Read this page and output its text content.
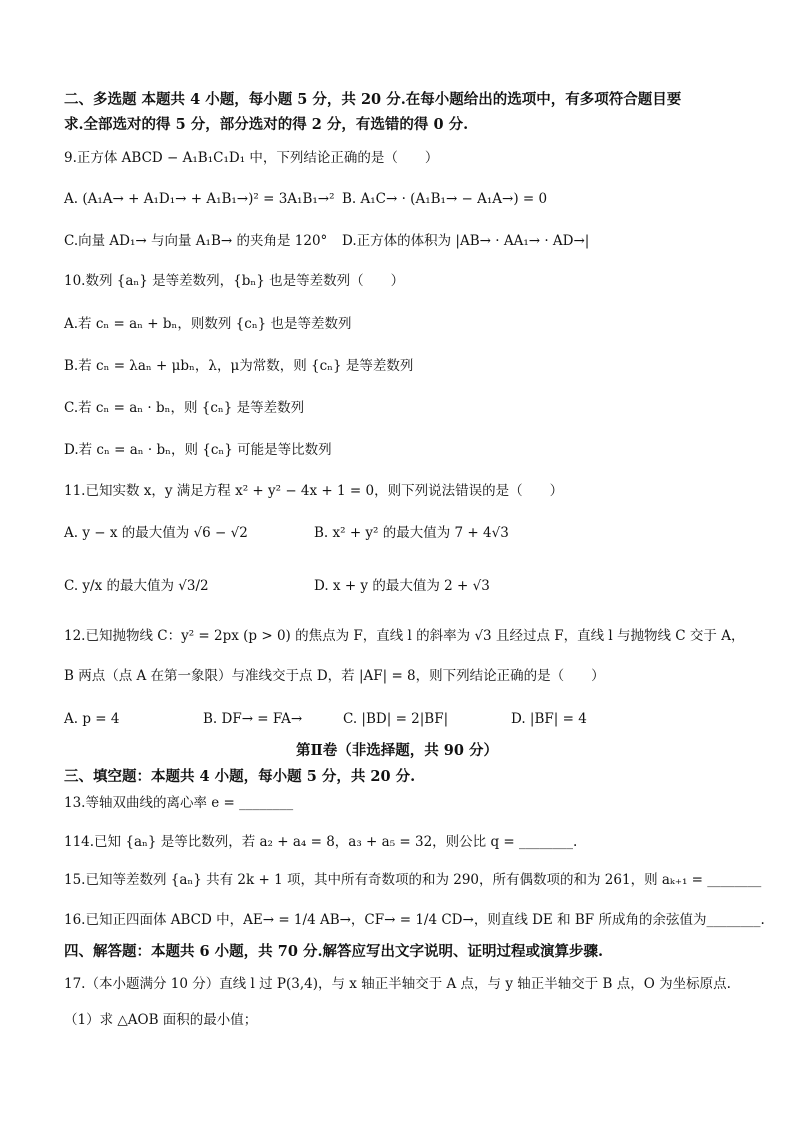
二、多选题 本题共 4 小题，每小题 5 分，共 20 分.在每小题给出的选项中，有多项符合题目要
求.全部选对的得 5 分，部分选对的得 2 分，有选错的得 0 分.
9.正方体 ABCD − A₁B₁C₁D₁ 中，下列结论正确的是（　　）
A. (A₁A→ + A₁D₁→ + A₁B₁→)² = 3A₁B₁→² B. A₁C→ · (A₁B₁→ − A₁A→) = 0
C.向量 AD₁→ 与向量 A₁B→ 的夹角是 120° D.正方体的体积为 |AB→ · AA₁→ · AD→|
10.数列 {aₙ} 是等差数列，{bₙ} 也是等差数列（　　）
A.若 cₙ = aₙ + bₙ，则数列 {cₙ} 也是等差数列
B.若 cₙ = λaₙ + μbₙ，λ，μ为常数，则 {cₙ} 是等差数列
C.若 cₙ = aₙ · bₙ，则 {cₙ} 是等差数列
D.若 cₙ = aₙ · bₙ，则 {cₙ} 可能是等比数列
11.已知实数 x，y 满足方程 x² + y² − 4x + 1 = 0，则下列说法错误的是（　　）
A. y − x 的最大值为 √6 − √2	B. x² + y² 的最大值为 7 + 4√3
C. y/x 的最大值为 √3/2	D. x + y 的最大值为 2 + √3
12.已知抛物线 C：y² = 2px (p > 0) 的焦点为 F，直线 l 的斜率为 √3 且经过点 F，直线 l 与抛物线 C 交于 A，
B 两点（点 A 在第一象限）与准线交于点 D，若 |AF| = 8，则下列结论正确的是（　　）
A. p = 4	B. DF→ = FA→	C. |BD| = 2|BF|	D. |BF| = 4
第Ⅱ卷（非选择题，共 90 分）
三、填空题：本题共 4 小题，每小题 5 分，共 20 分.
13.等轴双曲线的离心率 e = ________
114.已知 {aₙ} 是等比数列，若 a₂ + a₄ = 8，a₃ + a₅ = 32，则公比 q = ________.
15.已知等差数列 {aₙ} 共有 2k + 1 项，其中所有奇数项的和为 290，所有偶数项的和为 261，则 aₖ₊₁ = ________
16.已知正四面体 ABCD 中，AE→ = 1/4 AB→，CF→ = 1/4 CD→，则直线 DE 和 BF 所成角的余弦值为________.
四、解答题：本题共 6 小题，共 70 分.解答应写出文字说明、证明过程或演算步骤.
17.（本小题满分 10 分）直线 l 过 P(3,4)，与 x 轴正半轴交于 A 点，与 y 轴正半轴交于 B 点，O 为坐标原点.
（1）求 △AOB 面积的最小值；
